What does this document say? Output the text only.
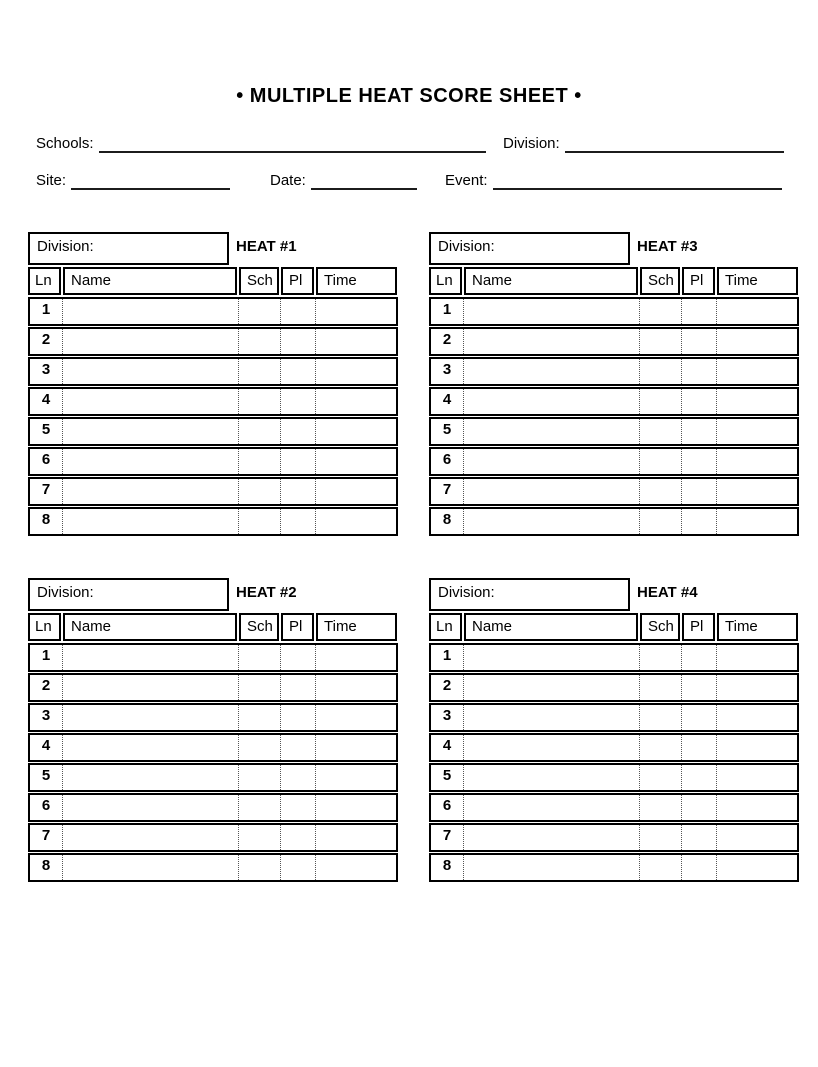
• MULTIPLE HEAT SCORE SHEET •
Schools:	Division:
Site:	Date:	Event:
Division:	HEAT #1
Ln	Name	Sch	Pl	Time
1
2
3
4
5
6
7
8
Division:	HEAT #3
Ln	Name	Sch	Pl	Time
1
2
3
4
5
6
7
8
Division:	HEAT #2
Ln	Name	Sch	Pl	Time
1
2
3
4
5
6
7
8
Division:	HEAT #4
Ln	Name	Sch	Pl	Time
1
2
3
4
5
6
7
8
